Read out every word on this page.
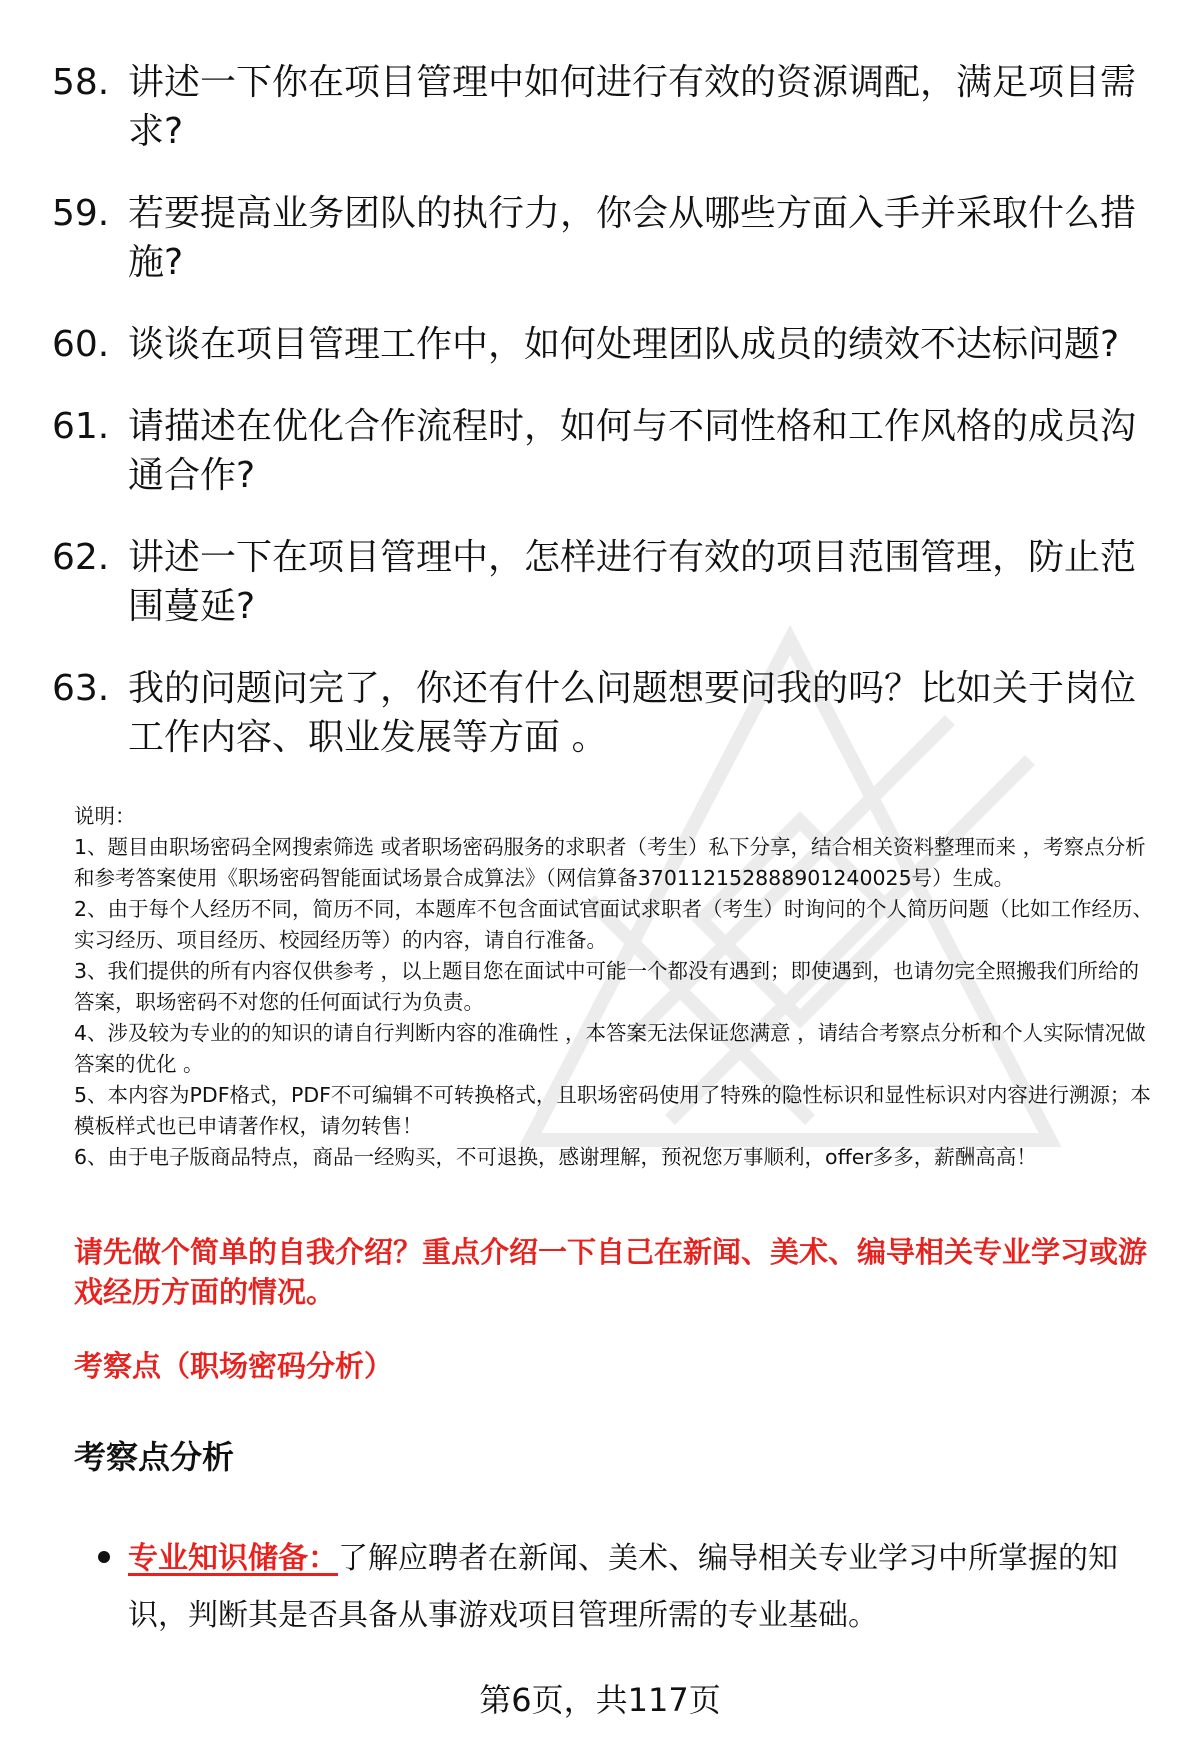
58. 讲述一下你在项目管理中如何进行有效的资源调配，满足项目需求?
59. 若要提高业务团队的执行力，你会从哪些方面入手并采取什么措施?
60. 谈谈在项目管理工作中，如何处理团队成员的绩效不达标问题?
61. 请描述在优化合作流程时，如何与不同性格和工作风格的成员沟通合作?
62. 讲述一下在项目管理中，怎样进行有效的项目范围管理，防止范围蔓延?
63. 我的问题问完了，你还有什么问题想要问我的吗？比如关于岗位工作内容、职业发展等方面 。

说明：

1、题目由职场密码全网搜索筛选 或者职场密码服务的求职者（考生）私下分享，结合相关资料整理而来 ，考察点分析和参考答案使用《职场密码智能面试场景合成算法》（网信算备370112152888901240025号）生成。

2、由于每个人经历不同，简历不同，本题库不包含面试官面试求职者（考生）时询问的个人简历问题（比如工作经历、实习经历、项目经历、校园经历等）的内容，请自行准备。

3、我们提供的所有内容仅供参考 ，以上题目您在面试中可能一个都没有遇到；即使遇到，也请勿完全照搬我们所给的答案，职场密码不对您的任何面试行为负责。

4、涉及较为专业的的知识的请自行判断内容的准确性 ，本答案无法保证您满意 ，请结合考察点分析和个人实际情况做答案的优化 。

5、本内容为PDF格式，PDF不可编辑不可转换格式，且职场密码使用了特殊的隐性标识和显性标识对内容进行溯源；本模板样式也已申请著作权，请勿转售！

6、由于电子版商品特点，商品一经购买，不可退换，感谢理解，预祝您万事顺利，offer多多，薪酬高高！

请先做个简单的自我介绍？重点介绍一下自己在新闻、美术、编导相关专业学习或游戏经历方面的情况。
考察点（职场密码分析）
考察点分析
专业知识储备：了解应聘者在新闻、美术、编导相关专业学习中所掌握的知识，判断其是否具备从事游戏项目管理所需的专业基础。
第6页，共117页
